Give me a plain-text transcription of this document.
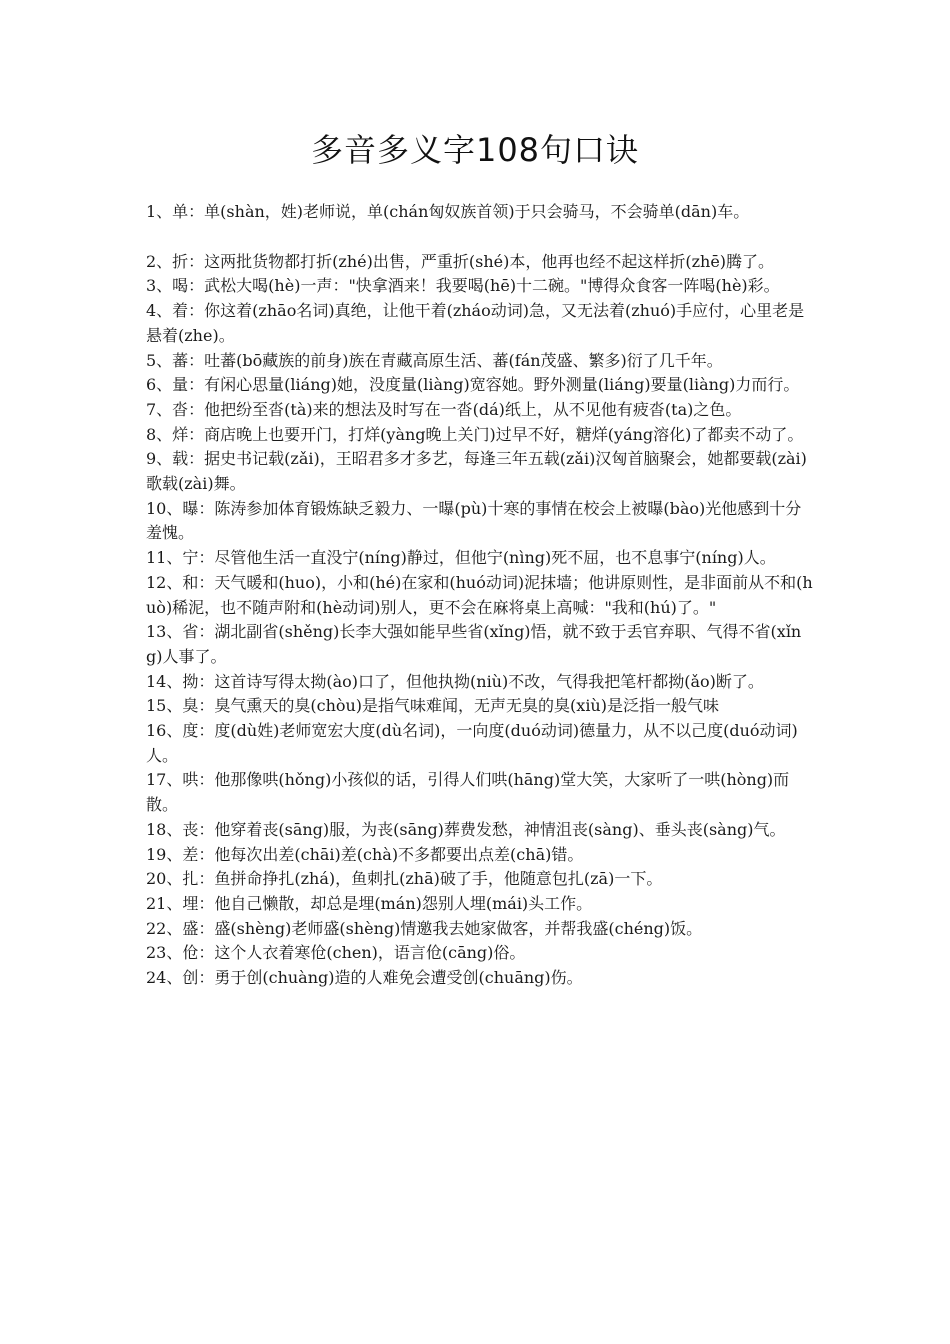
多音多义字108句口诀

1、单：单(shàn，姓)老师说，单(chán匈奴族首领)于只会骑马，不会骑单(dān)车。

2、折：这两批货物都打折(zhé)出售，严重折(shé)本，他再也经不起这样折(zhē)腾了。

3、喝：武松大喝(hè)一声："快拿酒来！我要喝(hē)十二碗。"博得众食客一阵喝(hè)彩。

4、着：你这着(zhāo名词)真绝，让他干着(zháo动词)急，又无法着(zhuó)手应付，心里老是悬着(zhe)。

5、蕃：吐蕃(bō藏族的前身)族在青藏高原生活、蕃(fán茂盛、繁多)衍了几千年。

6、量：有闲心思量(liáng)她，没度量(liàng)宽容她。野外测量(liáng)要量(liàng)力而行。

7、沓：他把纷至沓(tà)来的想法及时写在一沓(dá)纸上，从不见他有疲沓(ta)之色。

8、烊：商店晚上也要开门，打烊(yàng晚上关门)过早不好，糖烊(yáng溶化)了都卖不动了。

9、载：据史书记载(zǎi)，王昭君多才多艺，每逢三年五载(zǎi)汉匈首脑聚会，她都要载(zài)歌载(zài)舞。

10、曝：陈涛参加体育锻炼缺乏毅力、一曝(pù)十寒的事情在校会上被曝(bào)光他感到十分羞愧。

11、宁：尽管他生活一直没宁(níng)静过，但他宁(nìng)死不屈，也不息事宁(níng)人。

12、和：天气暖和(huo)，小和(hé)在家和(huó动词)泥抹墙；他讲原则性，是非面前从不和(huò)稀泥，也不随声附和(hè动词)别人，更不会在麻将桌上高喊："我和(hú)了。"

13、省：湖北副省(shěng)长李大强如能早些省(xǐng)悟，就不致于丢官弃职、气得不省(xǐng)人事了。

14、拗：这首诗写得太拗(ào)口了，但他执拗(niù)不改，气得我把笔杆都拗(ǎo)断了。

15、臭：臭气熏天的臭(chòu)是指气味难闻，无声无臭的臭(xiù)是泛指一般气味

16、度：度(dù姓)老师宽宏大度(dù名词)，一向度(duó动词)德量力，从不以己度(duó动词)人。

17、哄：他那像哄(hǒng)小孩似的话，引得人们哄(hāng)堂大笑，大家听了一哄(hòng)而散。

18、丧：他穿着丧(sāng)服，为丧(sāng)葬费发愁，神情沮丧(sàng)、垂头丧(sàng)气。

19、差：他每次出差(chāi)差(chà)不多都要出点差(chā)错。

20、扎：鱼拼命挣扎(zhá)，鱼刺扎(zhā)破了手，他随意包扎(zā)一下。

21、埋：他自己懒散，却总是埋(mán)怨别人埋(mái)头工作。

22、盛：盛(shèng)老师盛(shèng)情邀我去她家做客，并帮我盛(chéng)饭。

23、伧：这个人衣着寒伧(chen)，语言伧(cāng)俗。

24、创：勇于创(chuàng)造的人难免会遭受创(chuāng)伤。
